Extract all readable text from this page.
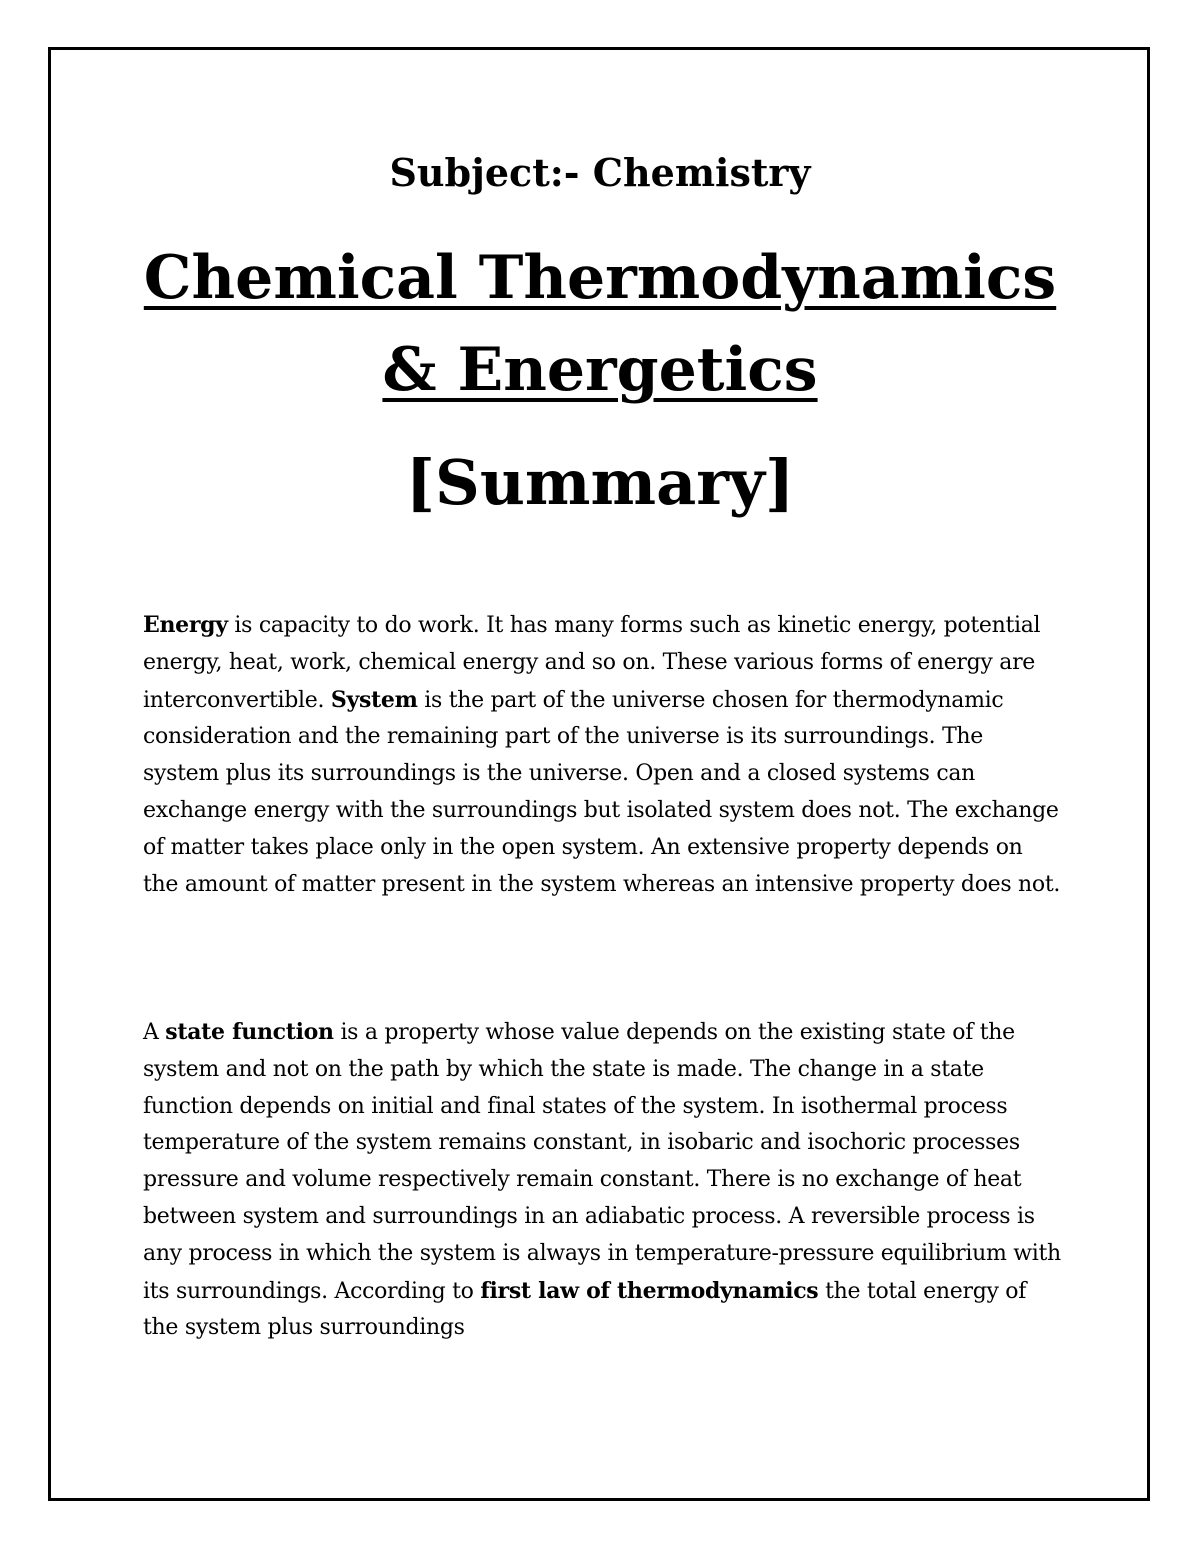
Subject:- Chemistry
Chemical Thermodynamics
& Energetics
[Summary]

Energy is capacity to do work. It has many forms such as kinetic energy, potential energy, heat, work, chemical energy and so on. These various forms of energy are interconvertible. System is the part of the universe chosen for thermodynamic consideration and the remaining part of the universe is its surroundings. The system plus its surroundings is the universe. Open and a closed systems can exchange energy with the surroundings but isolated system does not. The exchange of matter takes place only in the open system. An extensive property depends on the amount of matter present in the system whereas an intensive property does not.

A state function is a property whose value depends on the existing state of the system and not on the path by which the state is made. The change in a state function depends on initial and final states of the system. In isothermal process temperature of the system remains constant, in isobaric and isochoric processes pressure and volume respectively remain constant. There is no exchange of heat between system and surroundings in an adiabatic process. A reversible process is any process in which the system is always in temperature-pressure equilibrium with its surroundings. According to first law of thermodynamics the total energy of the system plus surroundings
